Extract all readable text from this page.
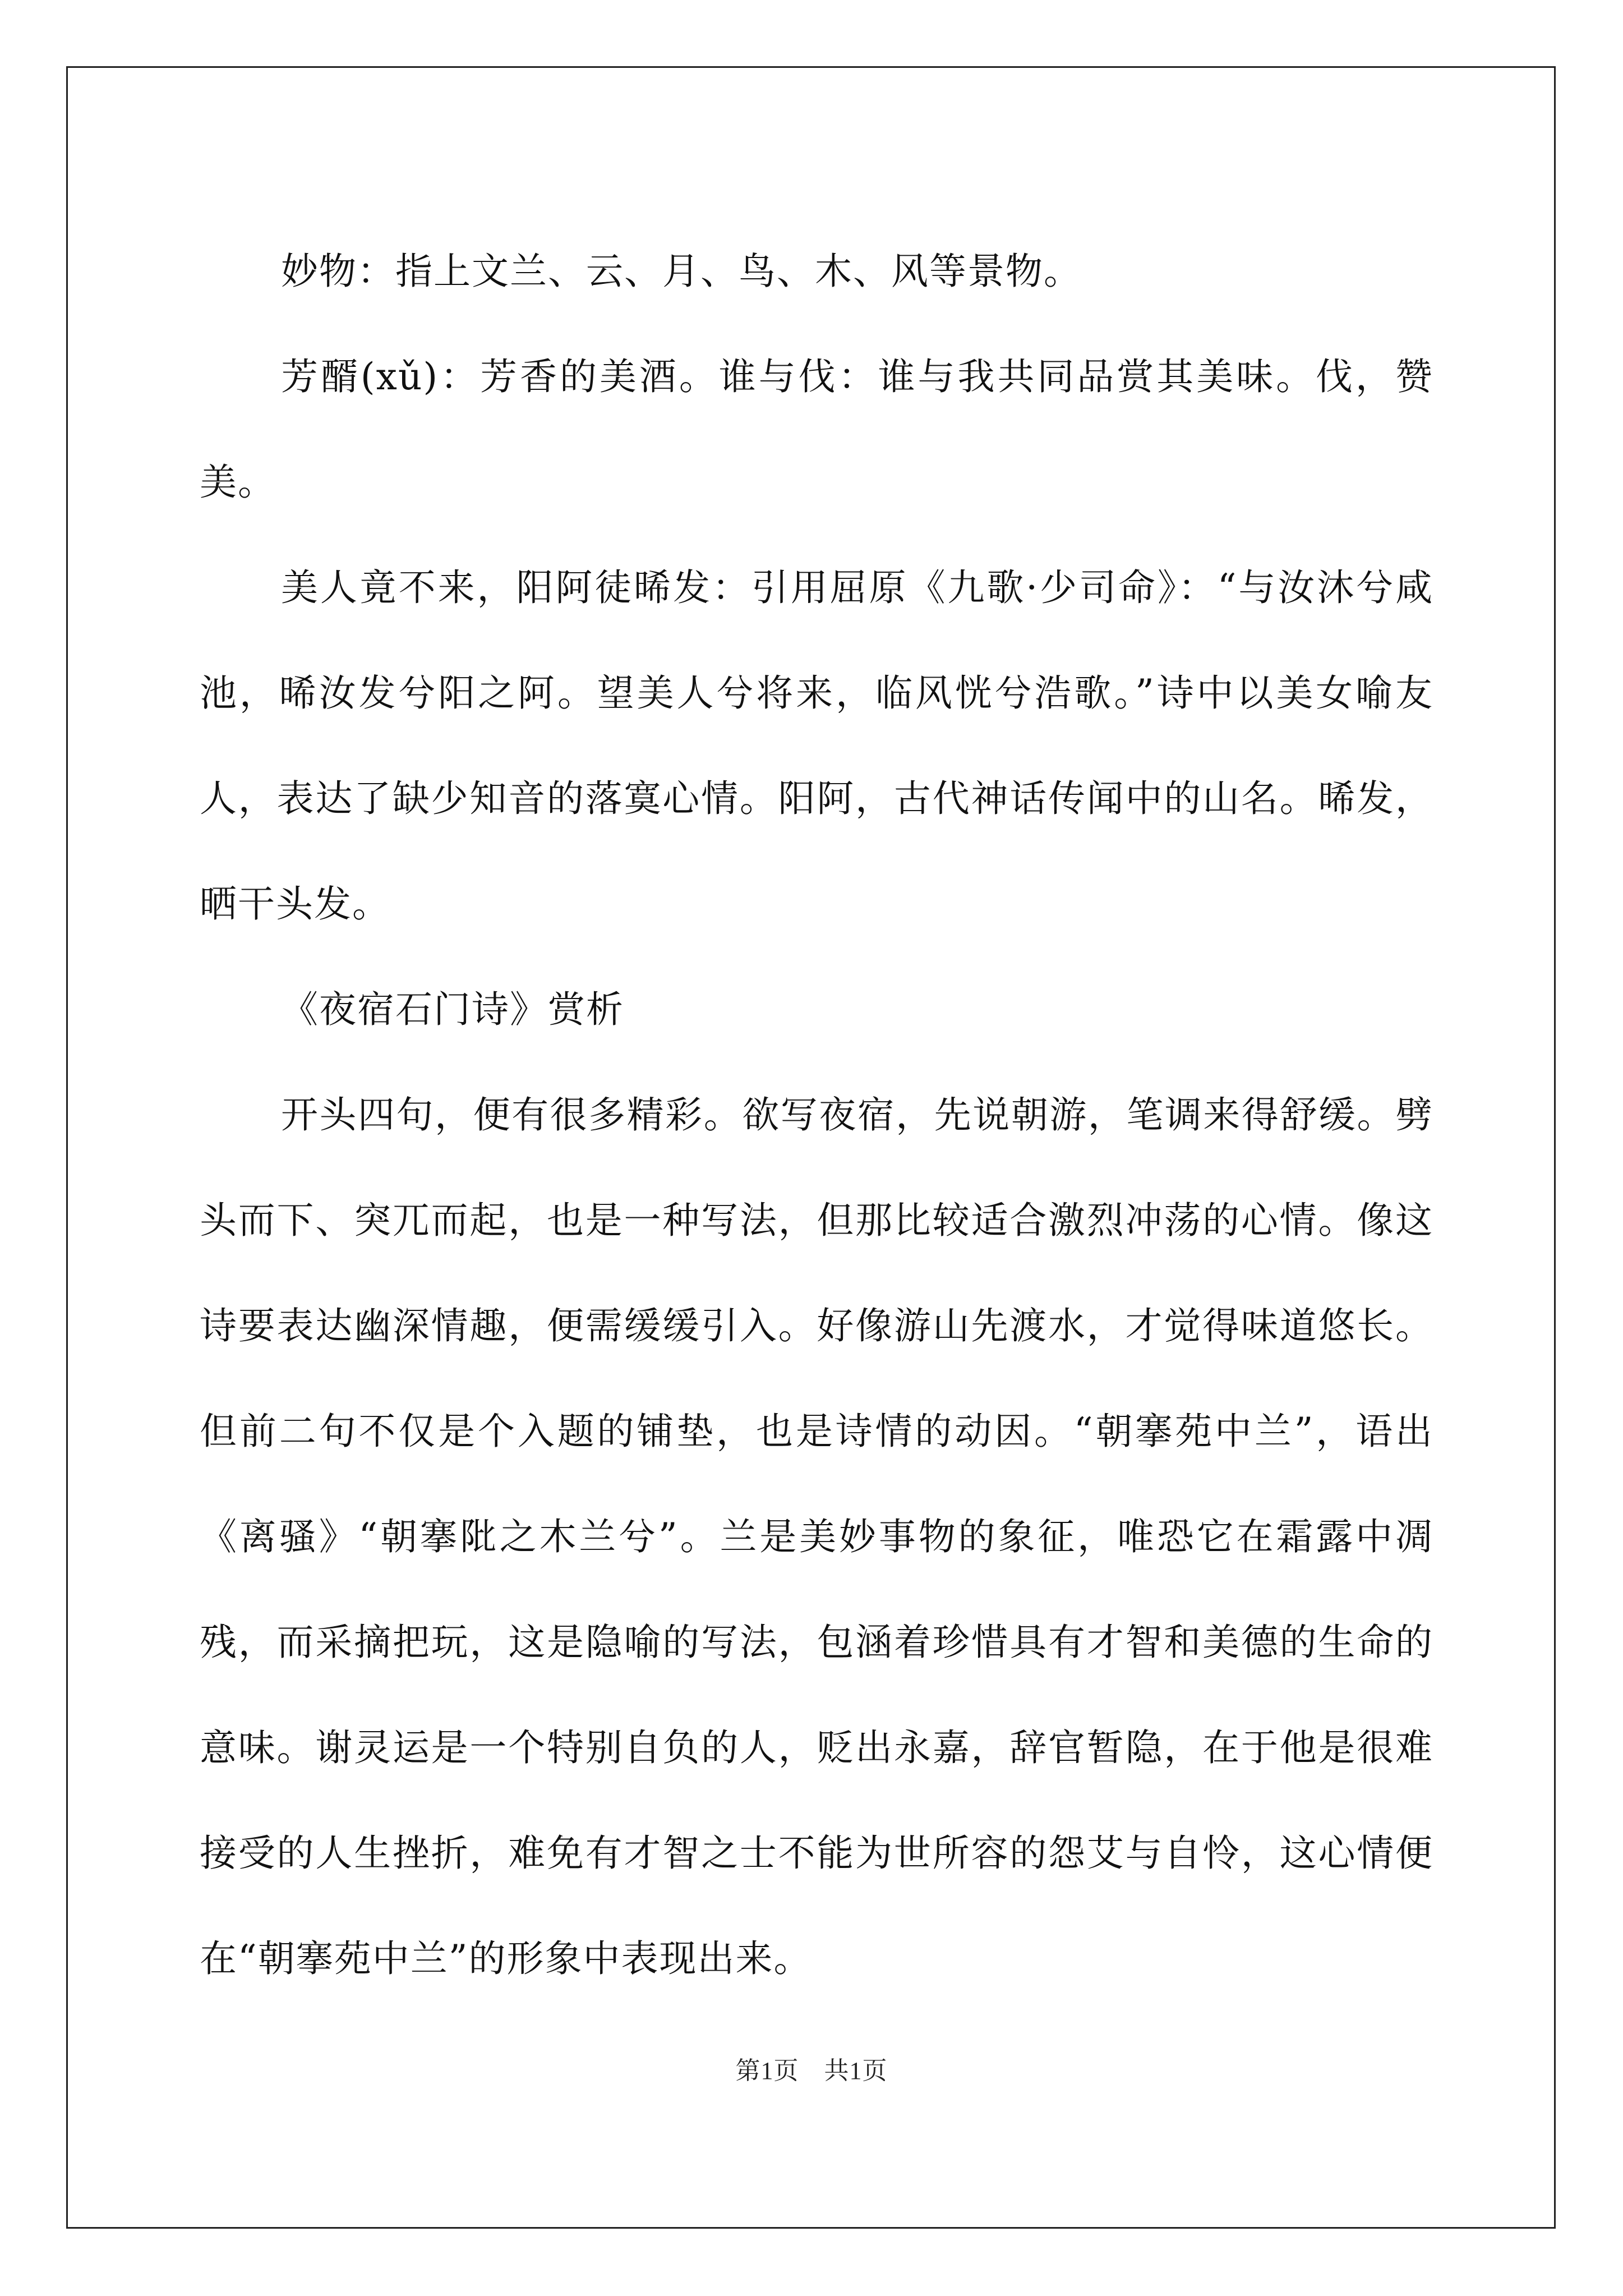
妙物：指上文兰、云、月、鸟、木、风等景物。

芳醑(xǔ)：芳香的美酒。谁与伐：谁与我共同品赏其美味。伐，赞美。

美人竟不来，阳阿徒晞发：引用屈原《九歌·少司命》：“与汝沐兮咸池，晞汝发兮阳之阿。望美人兮将来，临风恍兮浩歌。”诗中以美女喻友人，表达了缺少知音的落寞心情。阳阿，古代神话传闻中的山名。晞发，晒干头发。

《夜宿石门诗》赏析

开头四句，便有很多精彩。欲写夜宿，先说朝游，笔调来得舒缓。劈头而下、突兀而起，也是一种写法，但那比较适合激烈冲荡的心情。像这诗要表达幽深情趣，便需缓缓引入。好像游山先渡水，才觉得味道悠长。但前二句不仅是个入题的铺垫，也是诗情的动因。“朝搴苑中兰”，语出《离骚》“朝搴阰之木兰兮”。兰是美妙事物的象征，唯恐它在霜露中凋残，而采摘把玩，这是隐喻的写法，包涵着珍惜具有才智和美德的生命的意味。谢灵运是一个特别自负的人，贬出永嘉，辞官暂隐，在于他是很难接受的人生挫折，难免有才智之士不能为世所容的怨艾与自怜，这心情便在“朝搴苑中兰”的形象中表现出来。

第1页　共1页
